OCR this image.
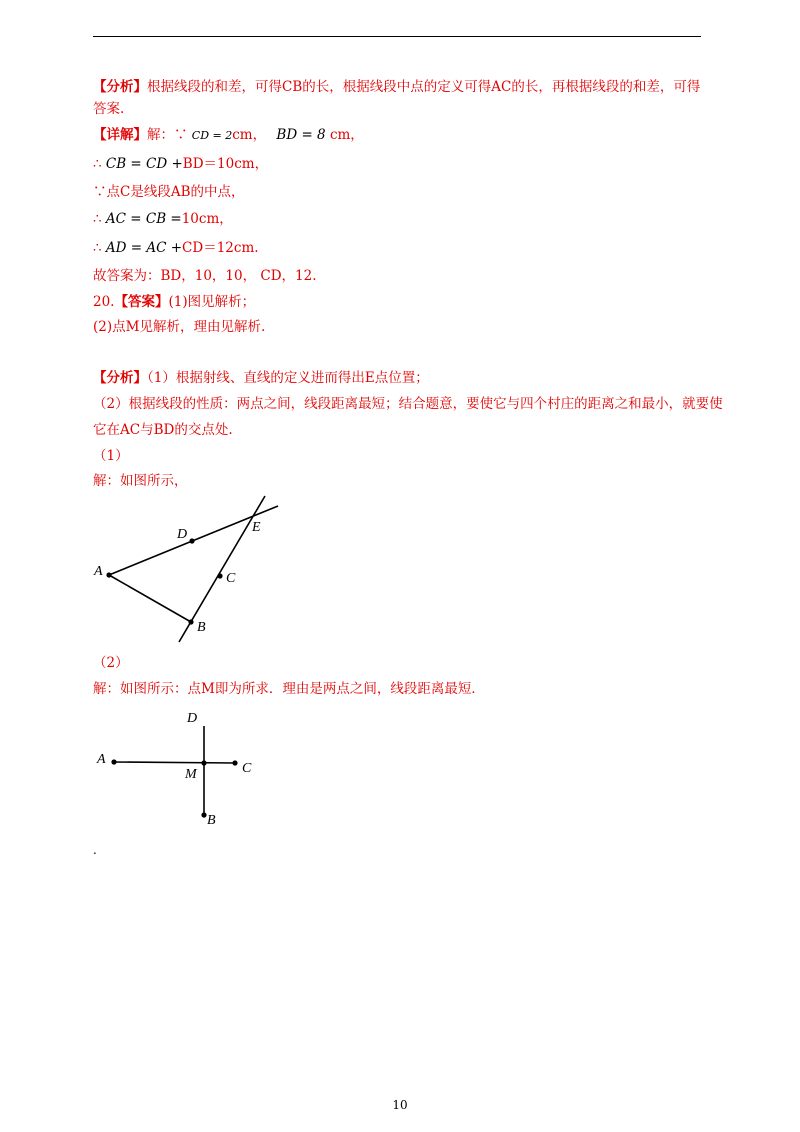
【分析】根据线段的和差，可得CB的长，根据线段中点的定义可得AC的长，再根据线段的和差，可得
答案.
【详解】解：∵ CD = 2cm， BD = 8 cm，
∴ CB = CD +BD＝10cm，
∵点C是线段AB的中点，
∴ AC = CB =10cm，
∴ AD = AC +CD＝12cm.
故答案为：BD，10，10， CD，12.
20.【答案】(1)图见解析；
(2)点M见解析，理由见解析.
【分析】（1）根据射线、直线的定义进而得出E点位置；
（2）根据线段的性质：两点之间，线段距离最短；结合题意，要使它与四个村庄的距离之和最小，就要使
它在AC与BD的交点处.
（1）
解：如图所示，
A
D	E
C
B
（2）
解：如图所示：点M即为所求．理由是两点之间，线段距离最短．
D
A
M	C
B
.
10
